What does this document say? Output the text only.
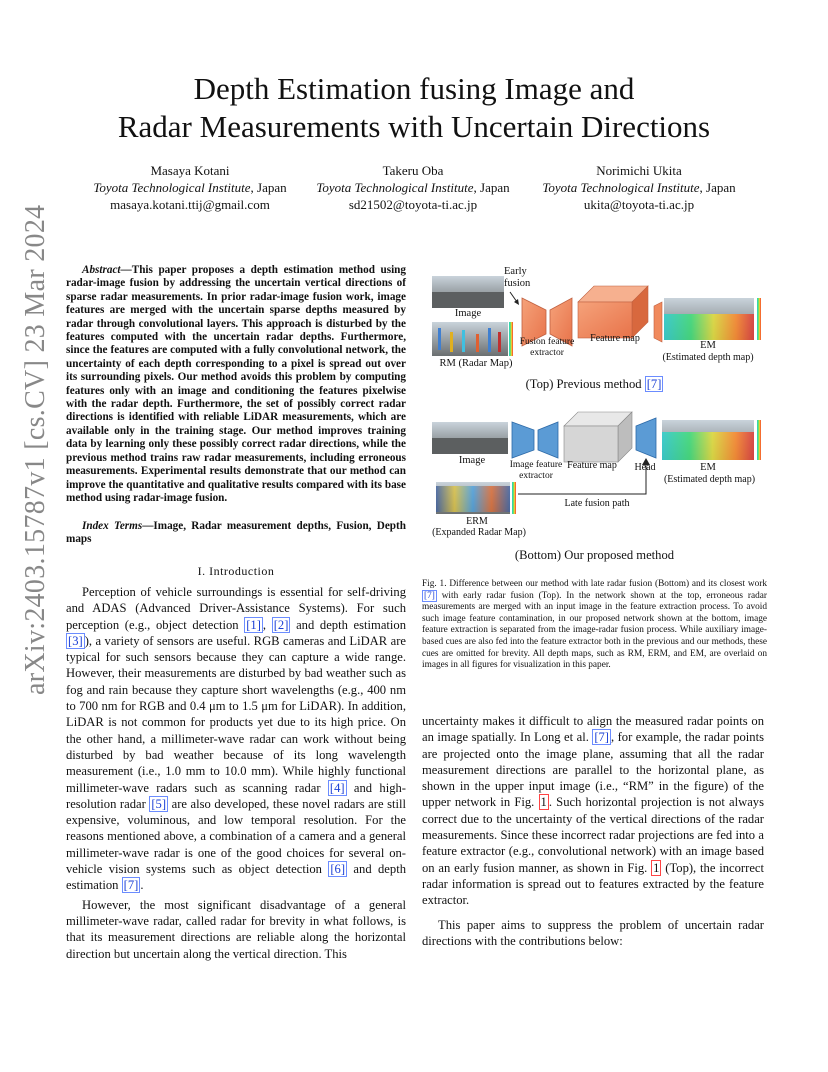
Depth Estimation fusing Image and
Radar Measurements with Uncertain Directions
Masaya Kotani
Toyota Technological Institute, Japan
masaya.kotani.ttij@gmail.com
Takeru Oba
Toyota Technological Institute, Japan
sd21502@toyota-ti.ac.jp
Norimichi Ukita
Toyota Technological Institute, Japan
ukita@toyota-ti.ac.jp
arXiv:2403.15787v1 [cs.CV] 23 Mar 2024	Abstract—This paper proposes a depth estimation method using radar-image fusion by addressing the uncertain vertical directions of sparse radar measurements. In prior radar-image fusion work, image features are merged with the uncertain sparse depths measured by radar through convolutional layers. This approach is disturbed by the features computed with the uncertain radar depths. Furthermore, since the features are computed with a fully convolutional network, the uncertainty of each depth corresponding to a pixel is spread out over its surrounding pixels. Our method avoids this problem by computing features only with an image and conditioning the features pixelwise with the radar depth. Furthermore, the set of possibly correct radar directions is identified with reliable LiDAR measurements, which are available only in the training stage. Our method improves training data by learning only these possibly correct radar directions, while the previous method trains raw radar measurements, including erroneous measurements. Experimental results demonstrate that our method can improve the quantitative and qualitative results compared with its base method using radar-image fusion.

Index Terms—Image, Radar measurement depths, Fusion, Depth maps

I. Introduction

Perception of vehicle surroundings is essential for self-driving and ADAS (Advanced Driver-Assistance Systems). For such perception (e.g., object detection [1] , [2] and depth estimation [3] ), a variety of sensors are useful. RGB cameras and LiDAR are typical for such sensors because they can capture a wide range. However, their measurements are disturbed by bad weather such as fog and rain because they capture short wavelengths (e.g., 400 nm to 700 nm for RGB and 0.4 μm to 1.5 μm for LiDAR). In addition, LiDAR is not common for products yet due to its high price. On the other hand, a millimeter-wave radar can work without being disturbed by bad weather because of its long wavelength measurement (i.e., 1.0 mm to 10.0 mm). While highly functional millimeter-wave radars such as scanning radar [4] and high-resolution radar [5] are also developed, these novel radars are still expensive, voluminous, and low temporal resolution. For the reasons mentioned above, a combination of a camera and a general millimeter-wave radar is one of the good choices for several on-vehicle vision systems such as object detection [6] and depth estimation [7] .

However, the most significant disadvantage of a general millimeter-wave radar, called radar for brevity in what follows, is that its measurement directions are reliable along the horizontal direction but uncertain along the vertical direction. This

Early fusion
Image
RM (Radar Map)
Fusion feature extractor
Feature map
EM
(Estimated depth map)
(Top) Previous method [7]
Image	Image feature extractor
Feature map	Head	EM
(Estimated depth map)
Late fusion path
ERM
(Expanded Radar Map)
(Bottom) Our proposed method
Fig. 1. Difference between our method with late radar fusion (Bottom) and its closest work [7] with early radar fusion (Top). In the network shown at the top, erroneous radar measurements are merged with an input image in the feature extraction process. To avoid such image feature contamination, in our proposed network shown at the bottom, image feature extraction is separated from the image-radar fusion process. While auxiliary image-based cues are also fed into the feature extractor both in the previous and our methods, these cues are omitted for brevity. All depth maps, such as RM, ERM, and EM, are overlaid on images in all figures for visualization in this paper.

uncertainty makes it difficult to align the measured radar points on an image spatially. In Long et al. [7] , for example, the radar points are projected onto the image plane, assuming that all the radar measurement directions are parallel to the horizontal plane, as shown in the upper input image (i.e., “RM” in the figure) of the upper network in Fig. 1 . Such horizontal projection is not always correct due to the uncertainty of the vertical directions of the radar measurements. Since these incorrect radar projections are fed into a feature extractor (e.g., convolutional network) with an image based on an early fusion manner, as shown in Fig. 1 (Top), the incorrect radar information is spread out to features extracted by the feature extractor.

This paper aims to suppress the problem of uncertain radar directions with the contributions below:
